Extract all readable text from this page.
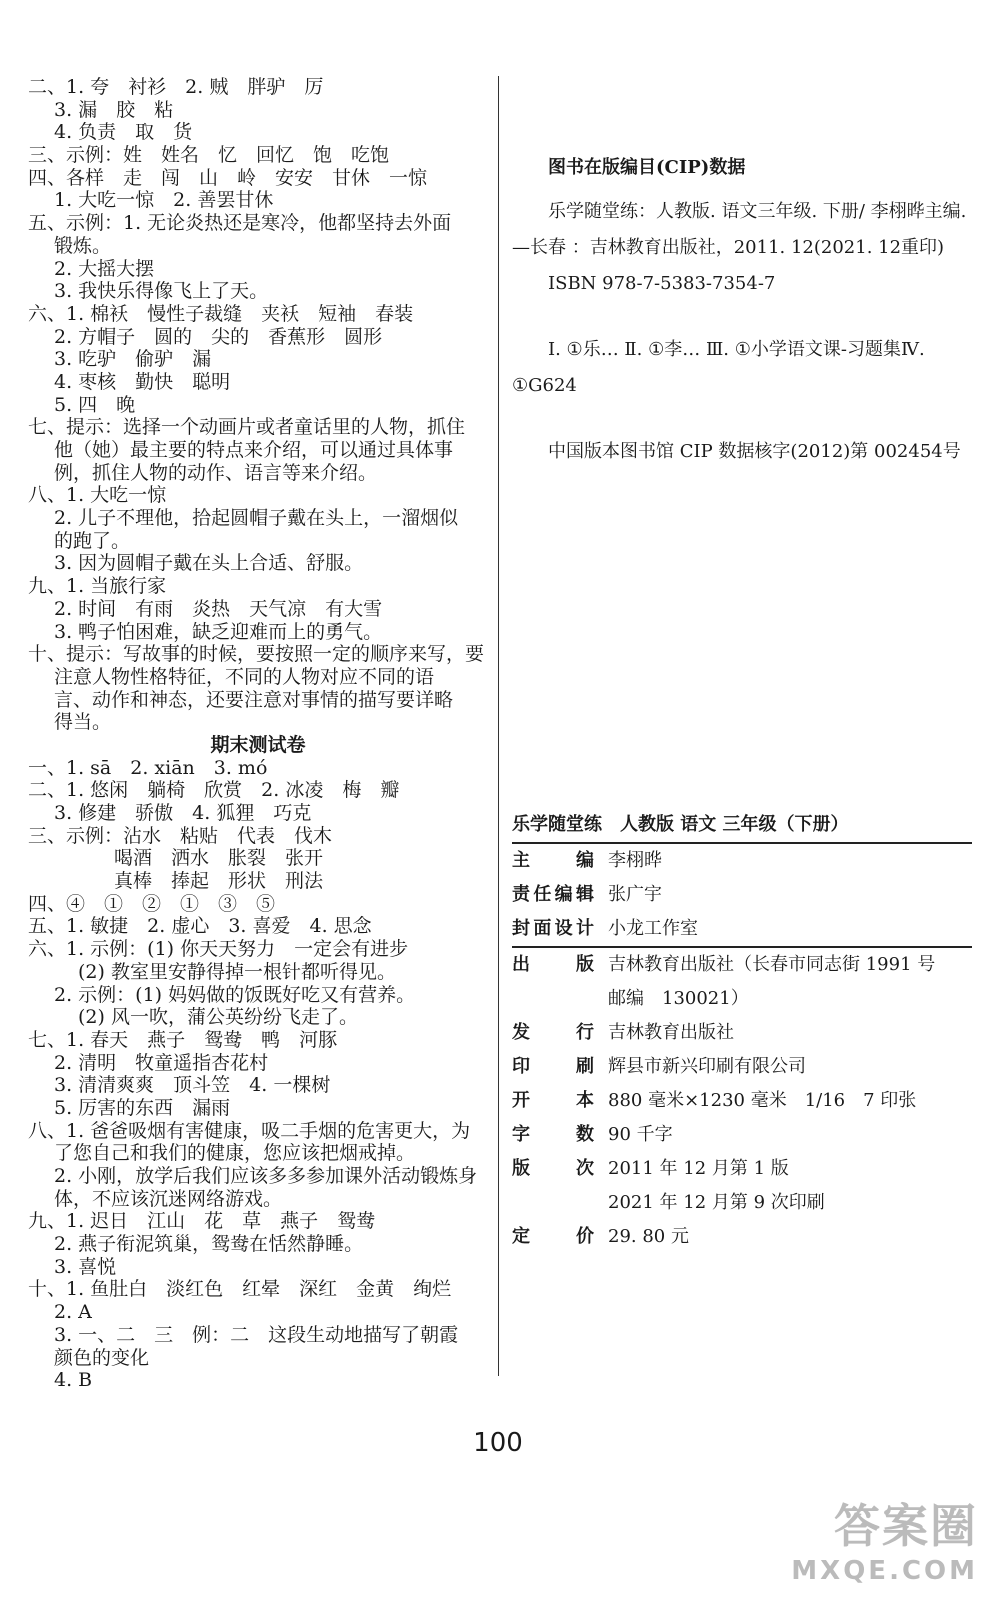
二、1. 夸　衬衫　2. 贼　胖驴　厉
3. 漏　胶　粘
4. 负责　取　货
三、示例：姓　姓名　忆　回忆　饱　吃饱
四、各样　走　闯　山　岭　安安　甘休　一惊
1. 大吃一惊　2. 善罢甘休
五、示例：1. 无论炎热还是寒冷，他都坚持去外面
锻炼。
2. 大摇大摆
3. 我快乐得像飞上了天。
六、1. 棉袄　慢性子裁缝　夹袄　短袖　春装
2. 方帽子　圆的　尖的　香蕉形　圆形
3. 吃驴　偷驴　漏
4. 枣核　勤快　聪明
5. 四　晚
七、提示：选择一个动画片或者童话里的人物，抓住
他（她）最主要的特点来介绍，可以通过具体事
例，抓住人物的动作、语言等来介绍。
八、1. 大吃一惊
2. 儿子不理他，拾起圆帽子戴在头上，一溜烟似
的跑了。
3. 因为圆帽子戴在头上合适、舒服。
九、1. 当旅行家
2. 时间　有雨　炎热　天气凉　有大雪
3. 鸭子怕困难，缺乏迎难而上的勇气。
十、提示：写故事的时候，要按照一定的顺序来写，要
注意人物性格特征，不同的人物对应不同的语
言、动作和神态，还要注意对事情的描写要详略
得当。
期末测试卷
一、1. sā　2. xiān　3. mó
二、1. 悠闲　躺椅　欣赏　2. 冰凌　梅　瓣
3. 修建　骄傲　4. 狐狸　巧克
三、示例：沾水　粘贴　代表　伐木
喝酒　洒水　胀裂　张开
真棒　捧起　形状　刑法
四、④　①　②　①　③　⑤
五、1. 敏捷　2. 虚心　3. 喜爱　4. 思念
六、1. 示例：(1) 你天天努力　一定会有进步
(2) 教室里安静得掉一根针都听得见。
2. 示例：(1) 妈妈做的饭既好吃又有营养。
(2) 风一吹，蒲公英纷纷飞走了。
七、1. 春天　燕子　鸳鸯　鸭　河豚
2. 清明　牧童遥指杏花村
3. 清清爽爽　顶斗笠　4. 一棵树
5. 厉害的东西　漏雨
八、1. 爸爸吸烟有害健康，吸二手烟的危害更大，为
了您自己和我们的健康，您应该把烟戒掉。
2. 小刚，放学后我们应该多多参加课外活动锻炼身
体，不应该沉迷网络游戏。
九、1. 迟日　江山　花　草　燕子　鸳鸯
2. 燕子衔泥筑巢，鸳鸯在恬然静睡。
3. 喜悦
十、1. 鱼肚白　淡红色　红晕　深红　金黄　绚烂
2. A
3. 一、二　三　例：二　这段生动地描写了朝霞
颜色的变化
4. B
图书在版编目(CIP)数据

乐学随堂练：人教版. 语文三年级. 下册/ 李栩晔主编. —长春 ：吉林教育出版社，2011. 12(2021. 12重印)

ISBN 978-7-5383-7354-7

Ⅰ. ①乐… Ⅱ. ①李… Ⅲ. ①小学语文课-习题集Ⅳ. ①G624

中国版本图书馆 CIP 数据核字(2012)第 002454号

乐学随堂练　人教版 语文 三年级（下册）
主　编 李栩晔
责任编辑 张广宇
封面设计 小龙工作室
出　版 吉林教育出版社（长春市同志街 1991 号
邮编　130021）
发　行 吉林教育出版社
印　刷 辉县市新兴印刷有限公司
开　本 880 毫米×1230 毫米　1/16　7 印张
字　数 90 千字
版　次 2011 年 12 月第 1 版
2021 年 12 月第 9 次印刷
定　价 29. 80 元
100
答案圈
MXQE.COM
